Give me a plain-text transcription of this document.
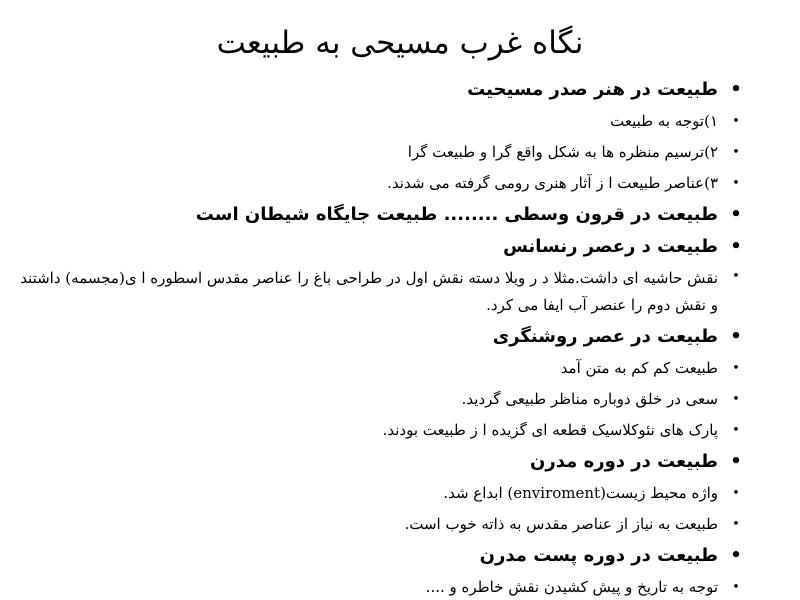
نگاه غرب مسیحی به طبیعت
•
طبیعت در هنر صدر مسیحیت
•
۱)توجه به طبیعت
•
۲)ترسیم منظره ها به شکل واقع گرا و طبیعت گرا
•
۳)عناصر طبیعت ا ز آثار هنری رومی گرفته می شدند.
•
طبیعت در قرون وسطی ........ طبیعت جایگاه شیطان است
•
طبیعت د رعصر رنسانس
•
نقش حاشیه ای داشت.مثلا د ر ویلا دسته نقش اول در طراحی باغ را عناصر مقدس اسطوره ا ی(مجسمه) داشتند و نقش دوم را عنصر آب ایفا می کرد.
•
طبیعت در عصر روشنگری
•
طبیعت کم کم به متن آمد
•
سعی در خلق دوباره مناظر طبیعی گردید.
•
پارک های نئوکلاسیک قطعه ای گزیده ا ز طبیعت بودند.
•
طبیعت در دوره مدرن
•
واژه محیط زیست(enviroment) ابداع شد.
•
طبیعت به نیاز از عناصر مقدس به ذاته خوب است.
•
طبیعت در دوره پست مدرن
•
توجه به تاریخ و پیش کشیدن نقش خاطره و ....
